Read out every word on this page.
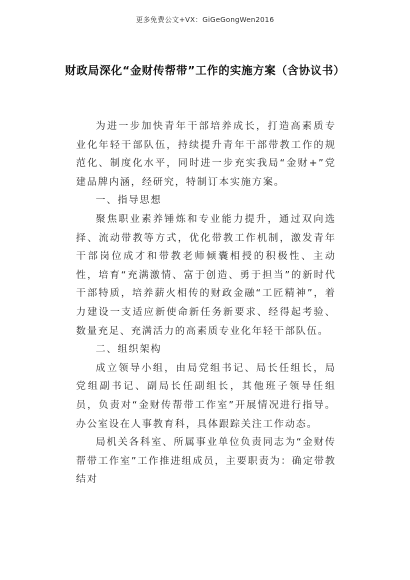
更多免费公文+VX：GiGeGongWen2016
财政局深化“金财传帮带”工作的实施方案（含协议书）

为进一步加快青年干部培养成长，打造高素质专业化年轻干部队伍，持续提升青年干部带教工作的规范化、制度化水平，同时进一步充实我局“金财+”党建品牌内涵，经研究，特制订本实施方案。

一、指导思想

聚焦职业素养锤炼和专业能力提升，通过双向选择、流动带教等方式，优化带教工作机制，激发青年干部岗位成才和带教老师倾囊相授的积极性、主动性，培育“充满激情、富于创造、勇于担当”的新时代干部特质，培养薪火相传的财政金融“工匠精神”，着力建设一支适应新使命新任务新要求、经得起考验、数量充足、充满活力的高素质专业化年轻干部队伍。

二、组织架构

成立领导小组，由局党组书记、局长任组长，局党组副书记、副局长任副组长，其他班子领导任组员，负责对“金财传帮带工作室”开展情况进行指导。办公室设在人事教育科，具体跟踪关注工作动态。

局机关各科室、所属事业单位负责同志为“金财传帮带工作室”工作推进组成员，主要职责为：确定带教结对
